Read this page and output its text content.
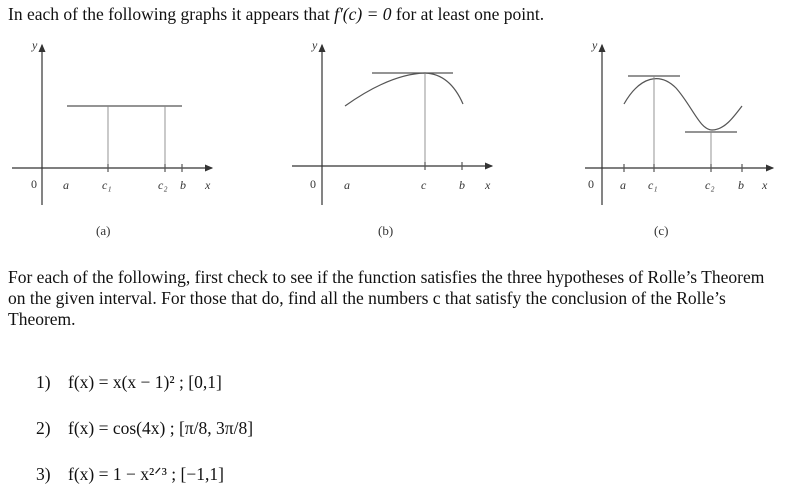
In each of the following graphs it appears that f′(c) = 0 for at least one point.
y
0 a	c₁	c₂ b x
(a)
y
0 a	c	b x
(b)
y
0 a c₁	c₂ b x
(c)
For each of the following, first check to see if the function satisfies the three hypotheses of Rolle’s Theorem on the given interval. For those that do, find all the numbers c that satisfy the conclusion of the Rolle’s Theorem.
1) f(x) = x(x − 1)² ; [0,1]
2) f(x) = cos(4x) ; [π/8, 3π/8]
3) f(x) = 1 − x²ᐟ³ ; [−1,1]
